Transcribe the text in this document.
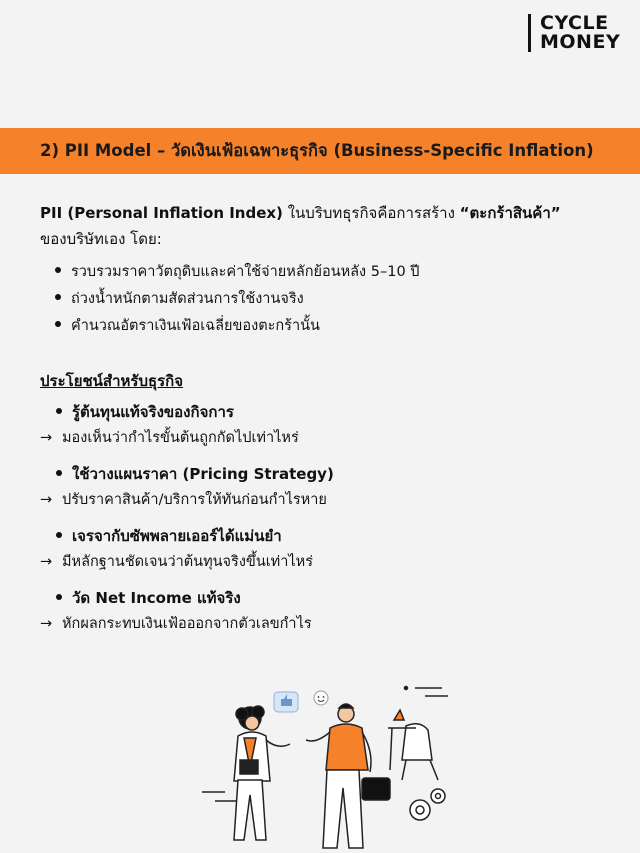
CYCLE
MONEY
2) PII Model – วัดเงินเฟ้อเฉพาะธุรกิจ (Business-Specific Inflation)
PII (Personal Inflation Index) ในบริบทธุรกิจคือการสร้าง “ตะกร้าสินค้า”
ของบริษัทเอง โดย:
รวบรวมราคาวัตถุดิบและค่าใช้จ่ายหลักย้อนหลัง 5–10 ปี
ถ่วงน้ำหนักตามสัดส่วนการใช้งานจริง
คำนวณอัตราเงินเฟ้อเฉลี่ยของตะกร้านั้น
ประโยชน์สำหรับธุรกิจ
รู้ต้นทุนแท้จริงของกิจการ
→ มองเห็นว่ากำไรขั้นต้นถูกกัดไปเท่าไหร่
ใช้วางแผนราคา (Pricing Strategy)
→ ปรับราคาสินค้า/บริการให้ทันก่อนกำไรหาย
เจรจากับซัพพลายเออร์ได้แม่นยำ
→ มีหลักฐานชัดเจนว่าต้นทุนจริงขึ้นเท่าไหร่
วัด Net Income แท้จริง
→ หักผลกระทบเงินเฟ้อออกจากตัวเลขกำไร
